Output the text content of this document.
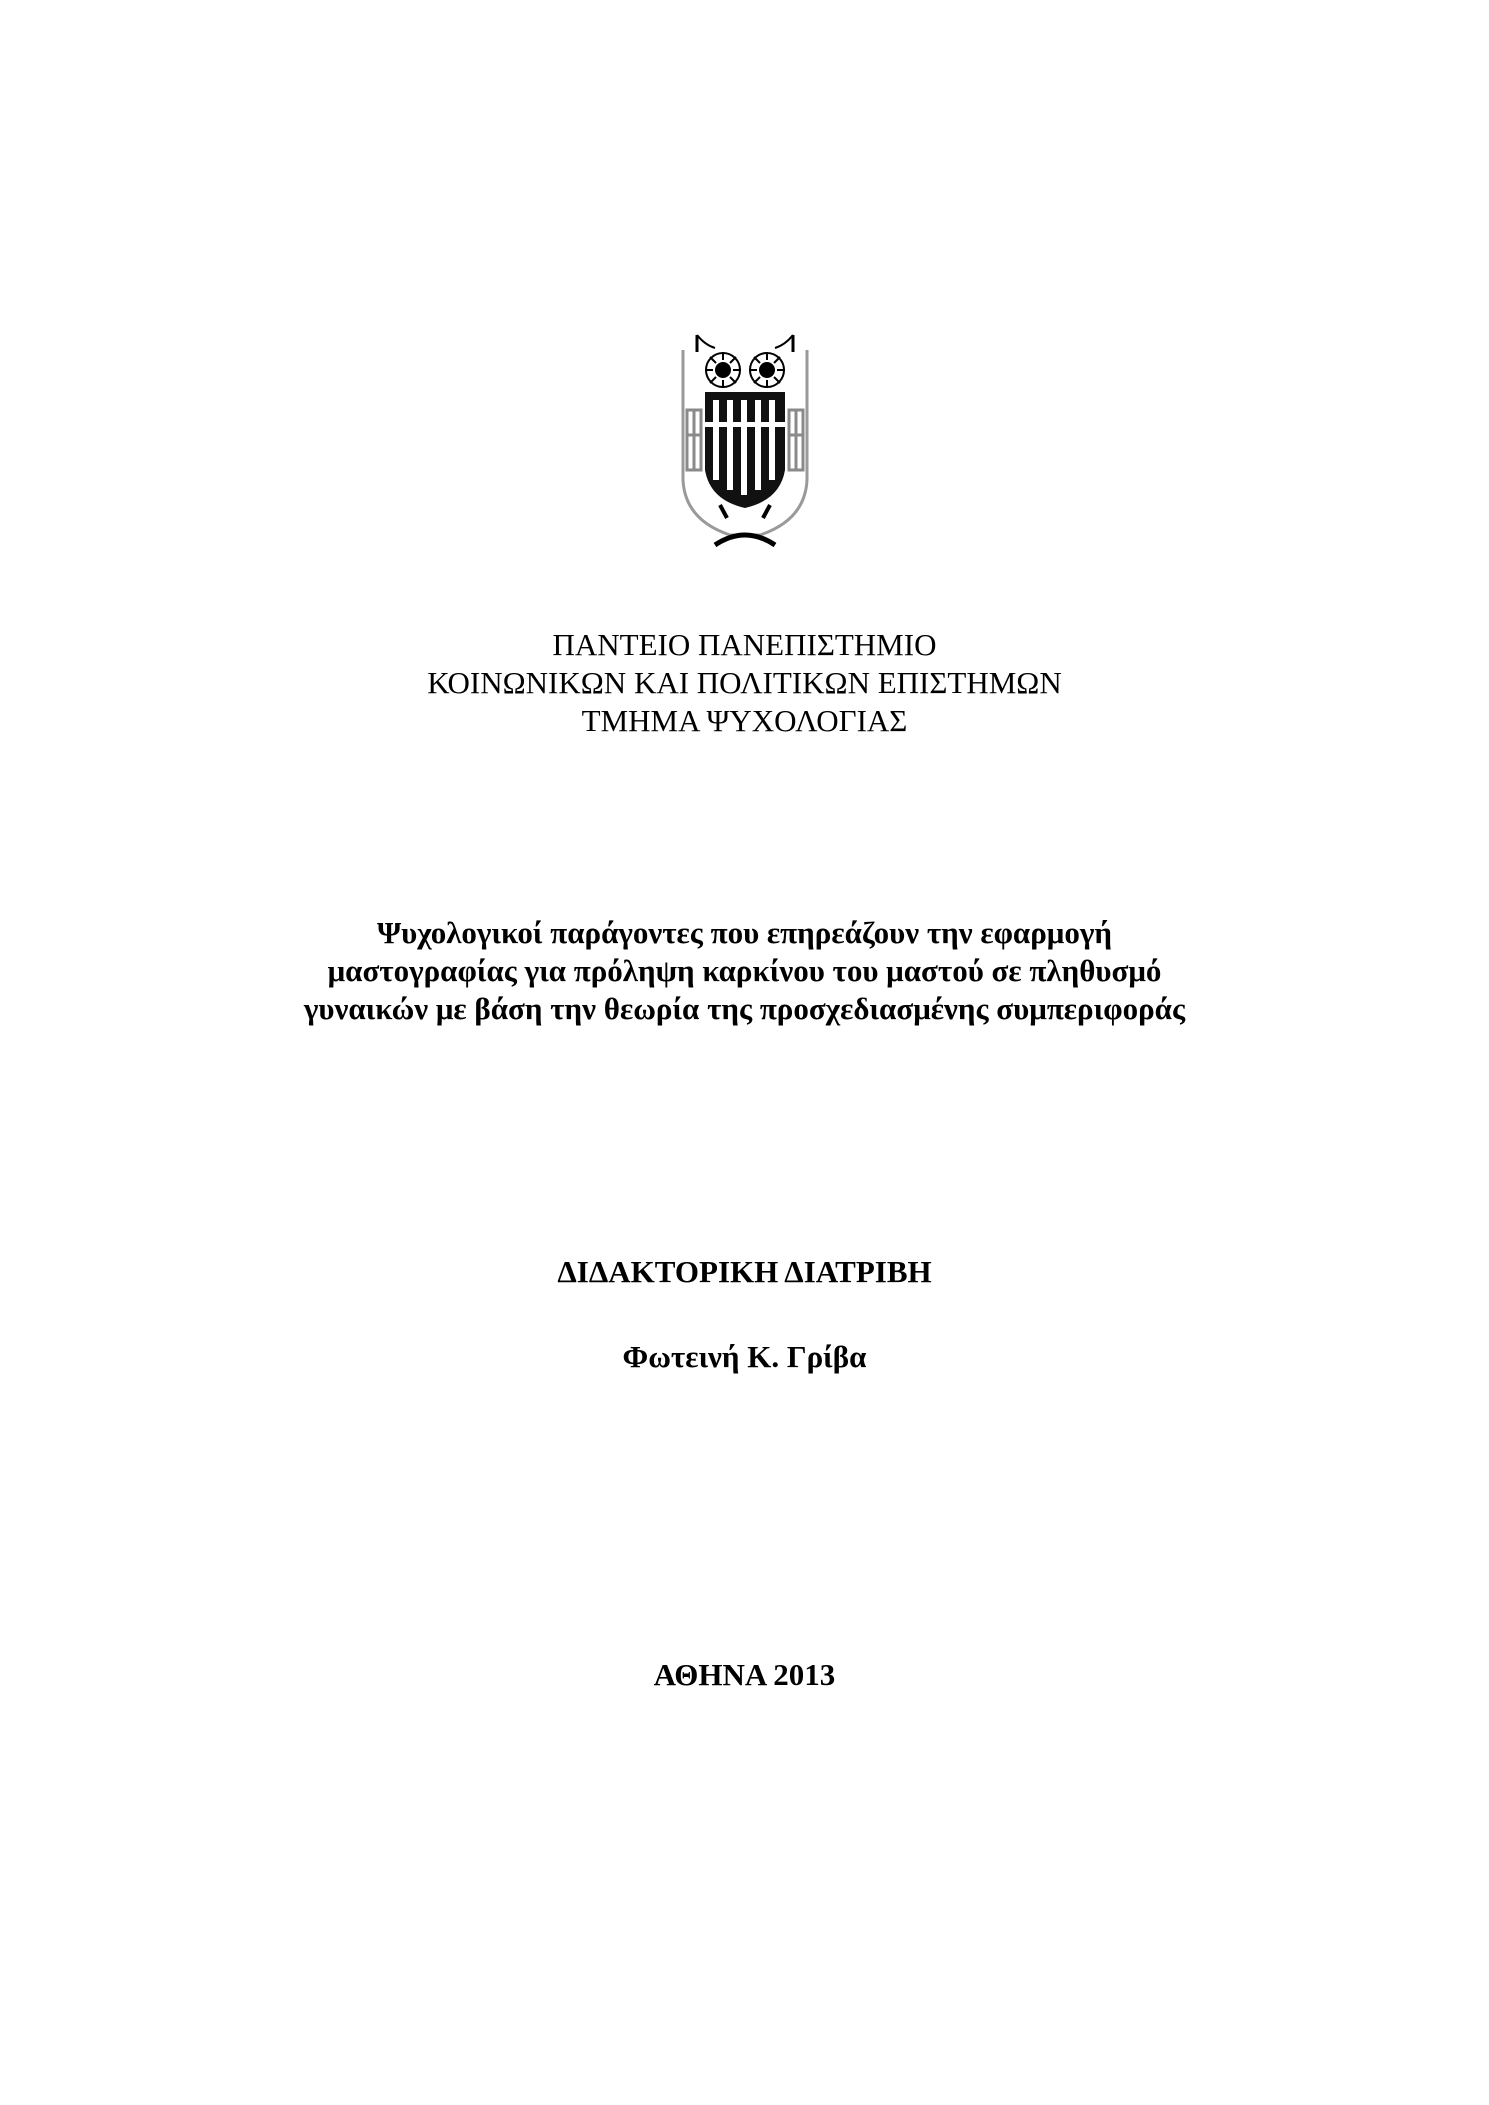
ΠΑΝΤΕΙΟ ΠΑΝΕΠΙΣΤΗΜΙΟ
ΚΟΙΝΩΝΙΚΩΝ ΚΑΙ ΠΟΛΙΤΙΚΩΝ ΕΠΙΣΤΗΜΩΝ
ΤΜΗΜΑ ΨΥΧΟΛΟΓΙΑΣ
Ψυχολογικοί παράγοντες που επηρεάζουν την εφαρμογή
μαστογραφίας για πρόληψη καρκίνου του μαστού σε πληθυσμό
γυναικών με βάση την θεωρία της προσχεδιασμένης συμπεριφοράς
ΔΙΔΑΚΤΟΡΙΚΗ ΔΙΑΤΡΙΒΗ
Φωτεινή Κ. Γρίβα
ΑΘΗΝΑ 2013
